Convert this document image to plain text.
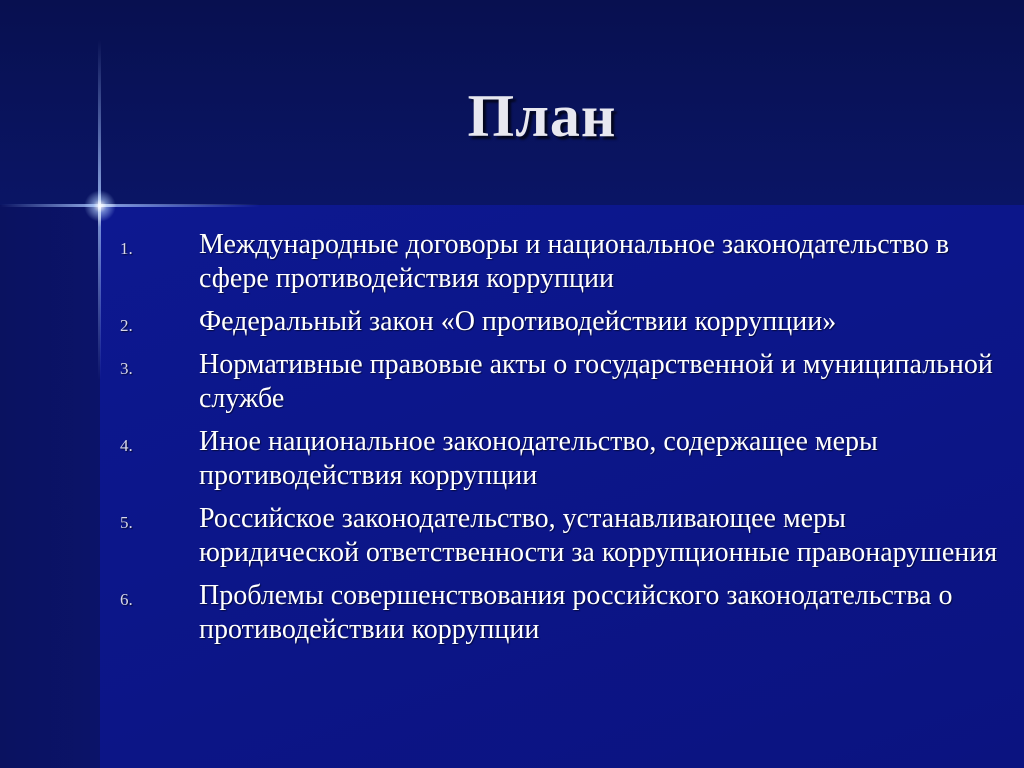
План
1.	Международные договоры и национальное законодательство в сфере противодействия коррупции
2.	Федеральный закон «О противодействии коррупции»
3.	Нормативные правовые акты о государственной и муниципальной службе
4.	Иное национальное законодательство, содержащее меры противодействия коррупции
5.	Российское законодательство, устанавливающее меры юридической ответственности за коррупционные правонарушения
6.	Проблемы совершенствования российского законодательства о противодействии коррупции
